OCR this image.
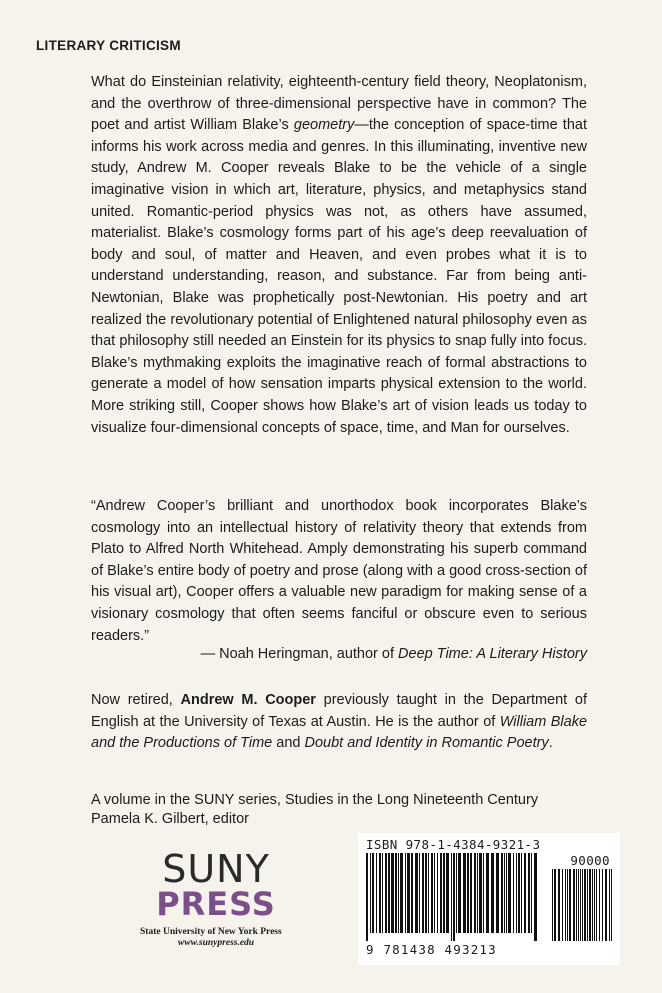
LITERARY CRITICISM

What do Einsteinian relativity, eighteenth-century field theory, Neoplatonism, and the overthrow of three-dimensional perspective have in common? The poet and artist William Blake’s geometry—the conception of space-time that informs his work across media and genres. In this illuminating, inventive new study, Andrew M. Cooper reveals Blake to be the vehicle of a single imaginative vision in which art, literature, physics, and metaphysics stand united. Romantic-period physics was not, as others have assumed, materialist. Blake’s cosmology forms part of his age’s deep reevaluation of body and soul, of matter and Heaven, and even probes what it is to understand understanding, reason, and substance. Far from being anti-Newtonian, Blake was prophetically post-Newtonian. His poetry and art realized the revolutionary potential of Enlightened natural philosophy even as that philosophy still needed an Einstein for its physics to snap fully into focus. Blake’s mythmaking exploits the imaginative reach of formal abstractions to generate a model of how sensation imparts physical extension to the world. More striking still, Cooper shows how Blake’s art of vision leads us today to visualize four-dimensional concepts of space, time, and Man for ourselves.

“Andrew Cooper’s brilliant and unorthodox book incorporates Blake’s cosmology into an intellectual history of relativity theory that extends from Plato to Alfred North Whitehead. Amply demonstrating his superb command of Blake’s entire body of poetry and prose (along with a good cross-section of his visual art), Cooper offers a valuable new paradigm for making sense of a visionary cosmology that often seems fanciful or obscure even to serious readers.”

— Noah Heringman, author of Deep Time: A Literary History

Now retired, Andrew M. Cooper previously taught in the Department of English at the University of Texas at Austin. He is the author of William Blake and the Productions of Time and Doubt and Identity in Romantic Poetry.

A volume in the SUNY series, Studies in the Long Nineteenth Century
Pamela K. Gilbert, editor
SUNY
PRESS
State University of New York Press
www.sunypress.edu
ISBN 978-1-4384-9321-3
90000
9 781438 493213
